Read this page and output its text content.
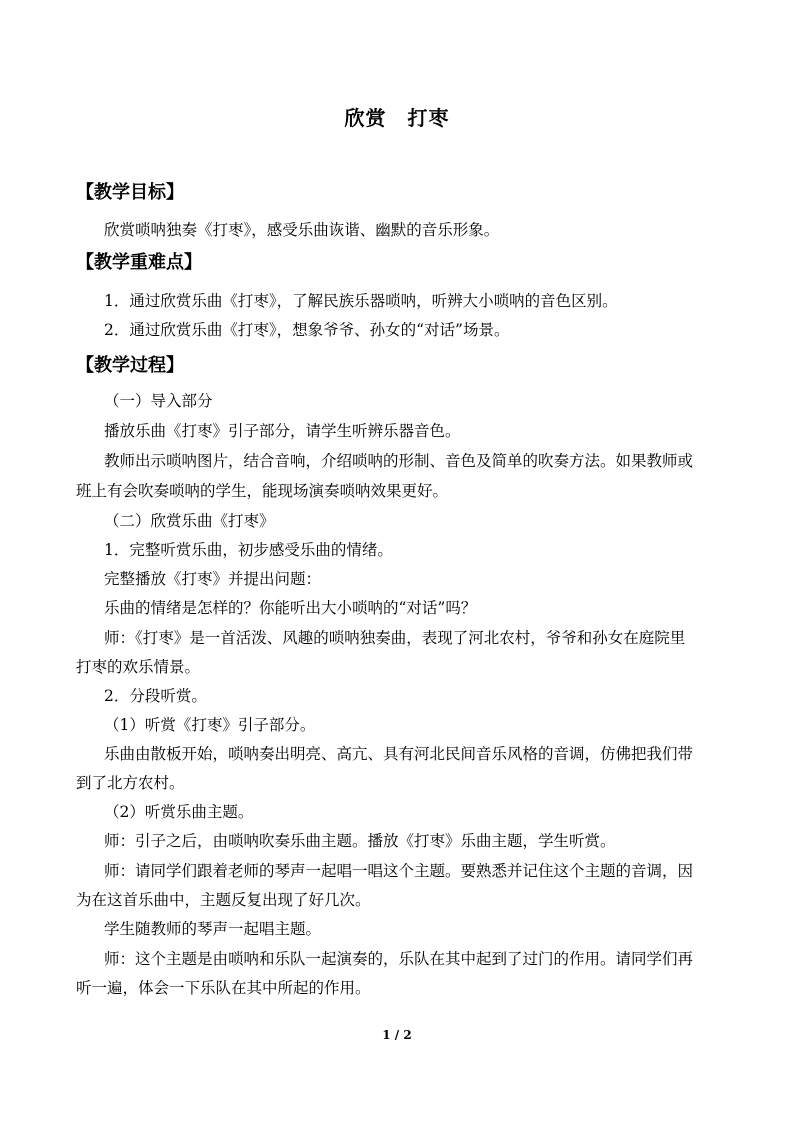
欣赏　打枣
【教学目标】
欣赏唢呐独奏《打枣》，感受乐曲诙谐、幽默的音乐形象。
【教学重难点】
1．通过欣赏乐曲《打枣》，了解民族乐器唢呐，听辨大小唢呐的音色区别。
2．通过欣赏乐曲《打枣》，想象爷爷、孙女的“对话”场景。
【教学过程】
（一）导入部分
播放乐曲《打枣》引子部分，请学生听辨乐器音色。
教师出示唢呐图片，结合音响，介绍唢呐的形制、音色及简单的吹奏方法。如果教师或
班上有会吹奏唢呐的学生，能现场演奏唢呐效果更好。
（二）欣赏乐曲《打枣》
1．完整听赏乐曲，初步感受乐曲的情绪。
完整播放《打枣》并提出问题：
乐曲的情绪是怎样的？你能听出大小唢呐的“对话”吗？
师：《打枣》是一首活泼、风趣的唢呐独奏曲，表现了河北农村，爷爷和孙女在庭院里
打枣的欢乐情景。
2．分段听赏。
（1）听赏《打枣》引子部分。
乐曲由散板开始，唢呐奏出明亮、高亢、具有河北民间音乐风格的音调，仿佛把我们带
到了北方农村。
（2）听赏乐曲主题。
师：引子之后，由唢呐吹奏乐曲主题。播放《打枣》乐曲主题，学生听赏。
师：请同学们跟着老师的琴声一起唱一唱这个主题。要熟悉并记住这个主题的音调，因
为在这首乐曲中，主题反复出现了好几次。
学生随教师的琴声一起唱主题。
师：这个主题是由唢呐和乐队一起演奏的，乐队在其中起到了过门的作用。请同学们再
听一遍，体会一下乐队在其中所起的作用。
1 / 2
